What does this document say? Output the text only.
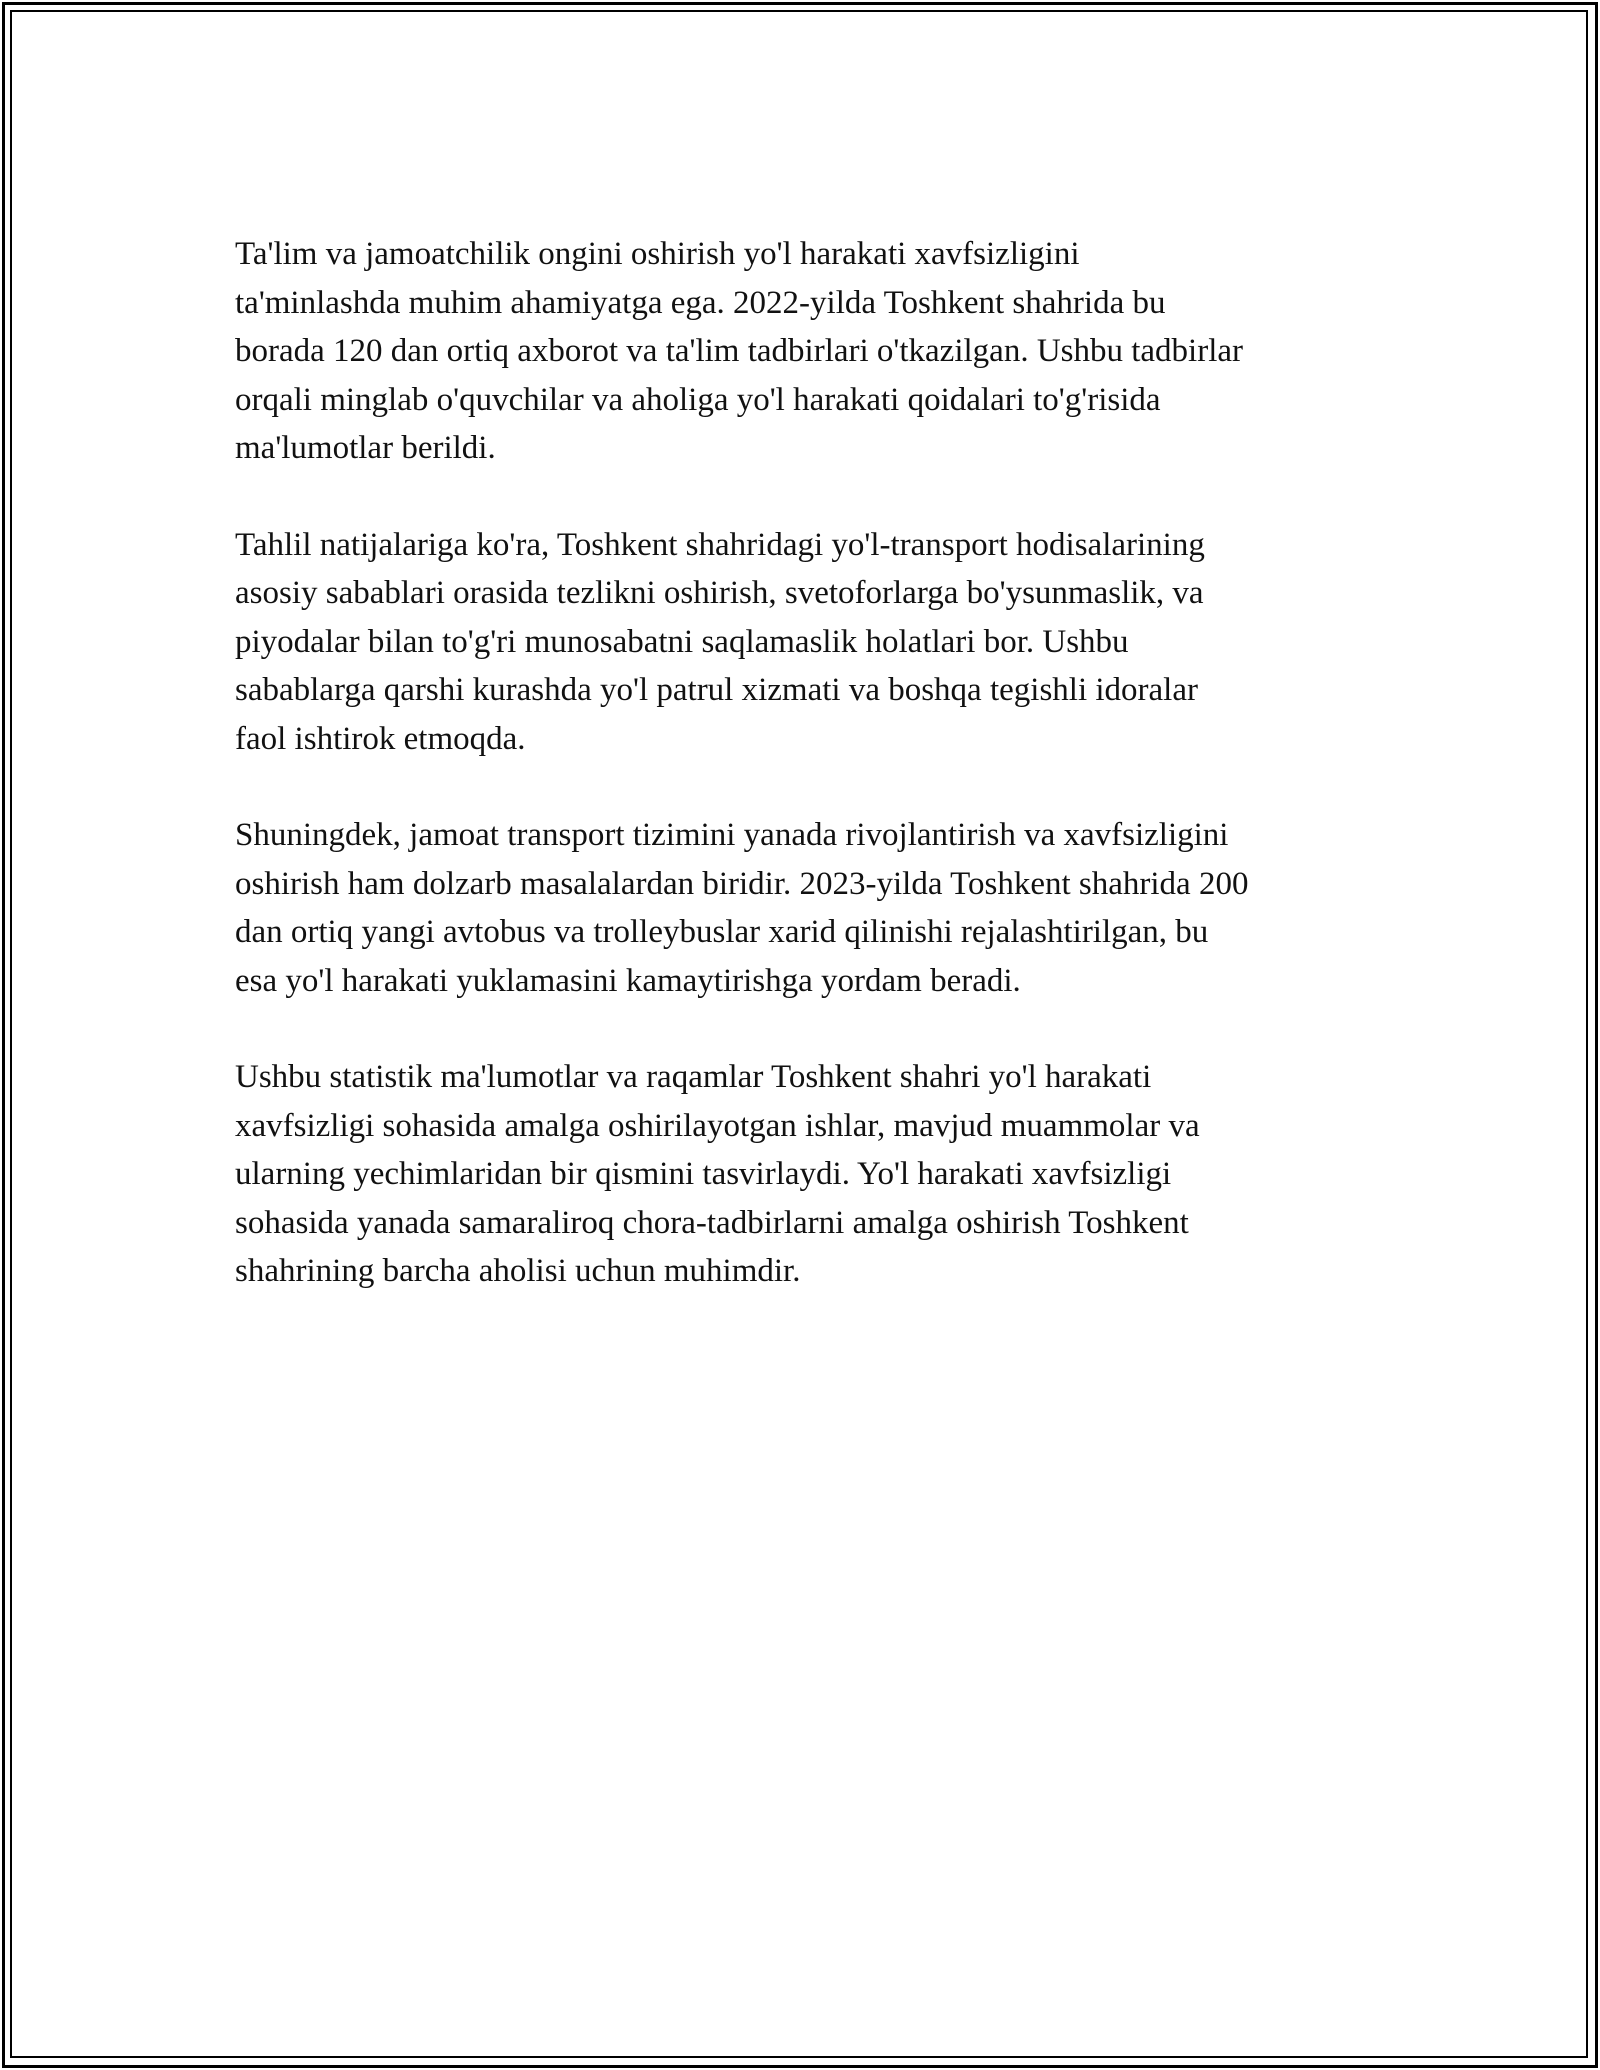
Ta'lim va jamoatchilik ongini oshirish yo'l harakati xavfsizligini
ta'minlashda muhim ahamiyatga ega. 2022-yilda Toshkent shahrida bu
borada 120 dan ortiq axborot va ta'lim tadbirlari o'tkazilgan. Ushbu tadbirlar
orqali minglab o'quvchilar va aholiga yo'l harakati qoidalari to'g'risida
ma'lumotlar berildi.

Tahlil natijalariga ko'ra, Toshkent shahridagi yo'l-transport hodisalarining
asosiy sabablari orasida tezlikni oshirish, svetoforlarga bo'ysunmaslik, va
piyodalar bilan to'g'ri munosabatni saqlamaslik holatlari bor. Ushbu
sabablarga qarshi kurashda yo'l patrul xizmati va boshqa tegishli idoralar
faol ishtirok etmoqda.

Shuningdek, jamoat transport tizimini yanada rivojlantirish va xavfsizligini
oshirish ham dolzarb masalalardan biridir. 2023-yilda Toshkent shahrida 200
dan ortiq yangi avtobus va trolleybuslar xarid qilinishi rejalashtirilgan, bu
esa yo'l harakati yuklamasini kamaytirishga yordam beradi.

Ushbu statistik ma'lumotlar va raqamlar Toshkent shahri yo'l harakati
xavfsizligi sohasida amalga oshirilayotgan ishlar, mavjud muammolar va
ularning yechimlaridan bir qismini tasvirlaydi. Yo'l harakati xavfsizligi
sohasida yanada samaraliroq chora-tadbirlarni amalga oshirish Toshkent
shahrining barcha aholisi uchun muhimdir.
